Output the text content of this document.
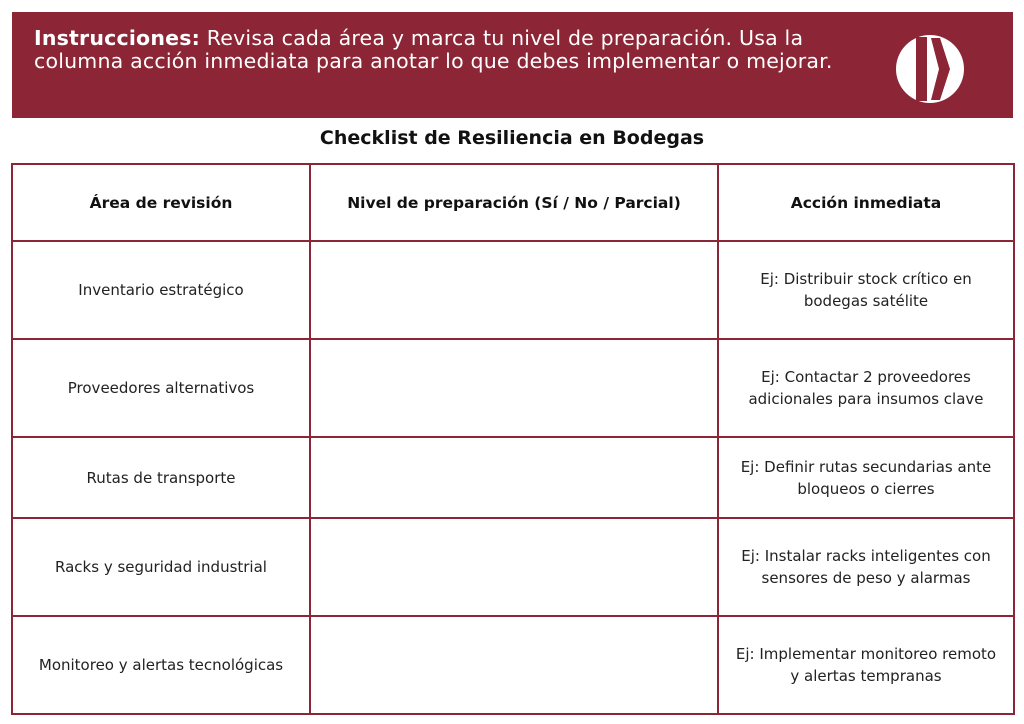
Instrucciones: Revisa cada área y marca tu nivel de preparación. Usa la columna acción inmediata para anotar lo que debes implementar o mejorar.
Checklist de Resiliencia en Bodegas
Área de revisión	Nivel de preparación (Sí / No / Parcial)	Acción inmediata
Inventario estratégico		Ej: Distribuir stock crítico en bodegas satélite
Proveedores alternativos		Ej: Contactar 2 proveedores adicionales para insumos clave
Rutas de transporte		Ej: Definir rutas secundarias ante bloqueos o cierres
Racks y seguridad industrial		Ej: Instalar racks inteligentes con sensores de peso y alarmas
Monitoreo y alertas tecnológicas		Ej: Implementar monitoreo remoto y alertas tempranas
